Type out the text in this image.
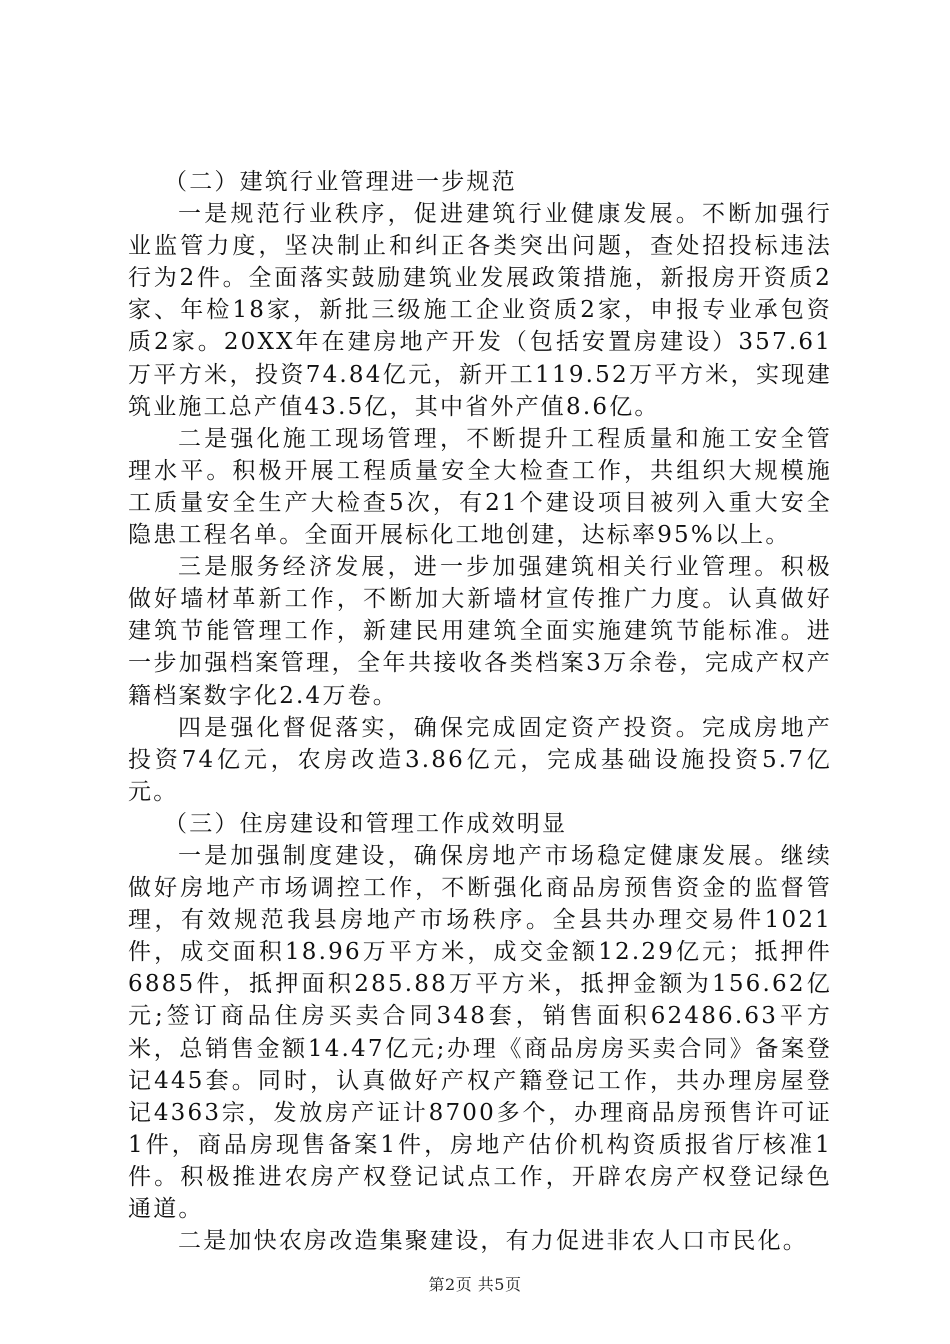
（二）建筑行业管理进一步规范

一是规范行业秩序，促进建筑行业健康发展。不断加强行业监管力度，坚决制止和纠正各类突出问题，查处招投标违法行为2件。全面落实鼓励建筑业发展政策措施，新报房开资质2家、年检18家，新批三级施工企业资质2家，申报专业承包资质2家。20XX年在建房地产开发（包括安置房建设）357.61万平方米，投资74.84亿元，新开工119.52万平方米，实现建筑业施工总产值43.5亿，其中省外产值8.6亿。

二是强化施工现场管理，不断提升工程质量和施工安全管理水平。积极开展工程质量安全大检查工作，共组织大规模施工质量安全生产大检查5次，有21个建设项目被列入重大安全隐患工程名单。全面开展标化工地创建，达标率95%以上。

三是服务经济发展，进一步加强建筑相关行业管理。积极做好墙材革新工作，不断加大新墙材宣传推广力度。认真做好建筑节能管理工作，新建民用建筑全面实施建筑节能标准。进一步加强档案管理，全年共接收各类档案3万余卷，完成产权产籍档案数字化2.4万卷。

四是强化督促落实，确保完成固定资产投资。完成房地产投资74亿元，农房改造3.86亿元，完成基础设施投资5.7亿元。

（三）住房建设和管理工作成效明显

一是加强制度建设，确保房地产市场稳定健康发展。继续做好房地产市场调控工作，不断强化商品房预售资金的监督管理，有效规范我县房地产市场秩序。全县共办理交易件1021件，成交面积18.96万平方米，成交金额12.29亿元；抵押件6885件，抵押面积285.88万平方米，抵押金额为156.62亿元;签订商品住房买卖合同348套，销售面积62486.63平方米，总销售金额14.47亿元;办理《商品房房买卖合同》备案登记445套。同时，认真做好产权产籍登记工作，共办理房屋登记4363宗，发放房产证计8700多个，办理商品房预售许可证1件，商品房现售备案1件，房地产估价机构资质报省厅核准1件。积极推进农房产权登记试点工作，开辟农房产权登记绿色通道。

二是加快农房改造集聚建设，有力促进非农人口市民化。

第2页 共5页
